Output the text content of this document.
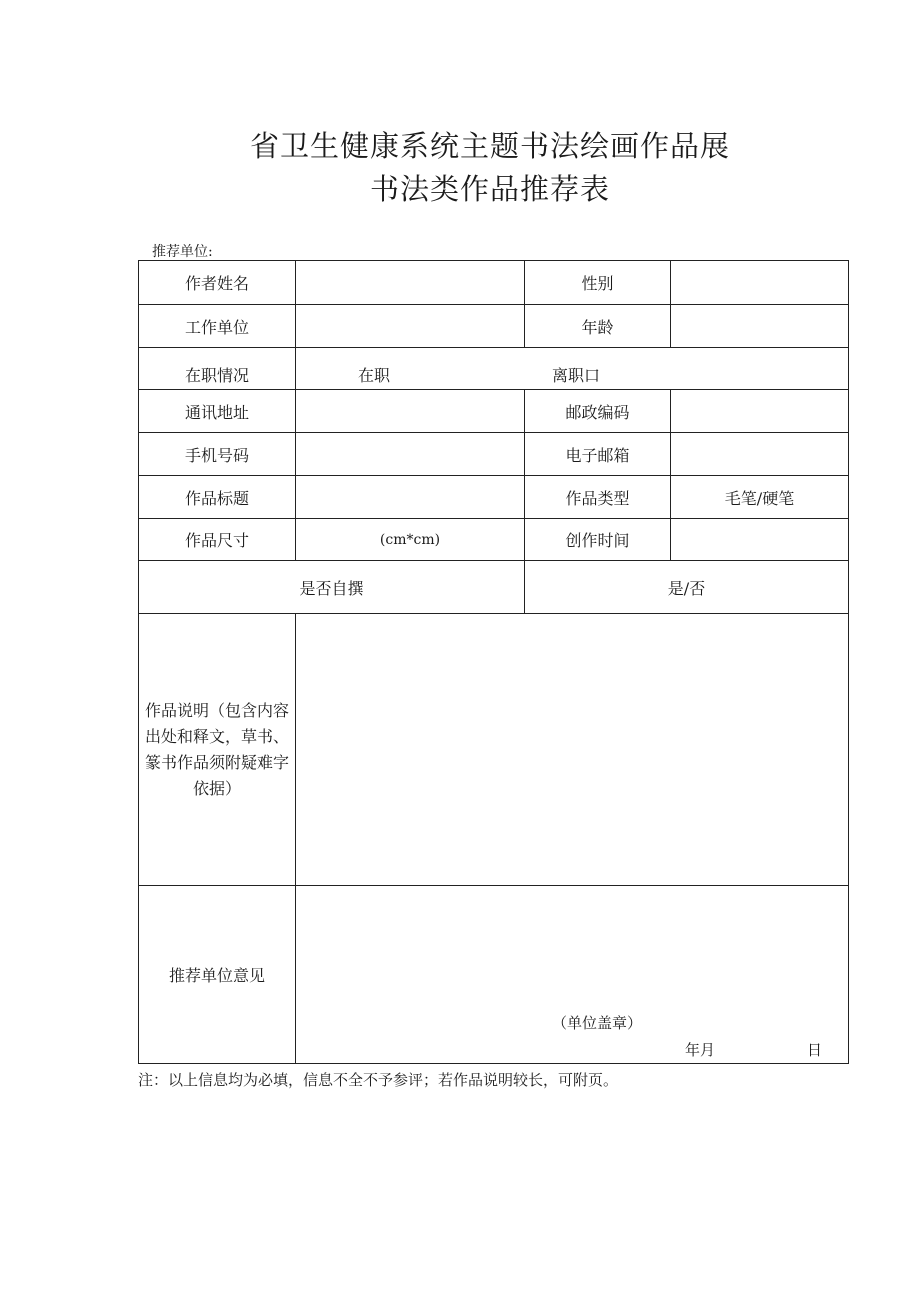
省卫生健康系统主题书法绘画作品展
书法类作品推荐表
推荐单位:
作者姓名		性别	
工作单位		年龄	
在职情况	在职 离职口		

通讯地址		邮政编码	
手机号码		电子邮箱	
作品标题		作品类型	毛笔/硬笔
作品尺寸	(cm*cm)	创作时间	
是否自撰		是/否	

作品说明（包含内容出处和释文，草书、篆书作品须附疑难字依据）			

推荐单位意见	（单位盖章）
年月 日		
注：以上信息均为必填，信息不全不予参评；若作品说明较长，可附页。
